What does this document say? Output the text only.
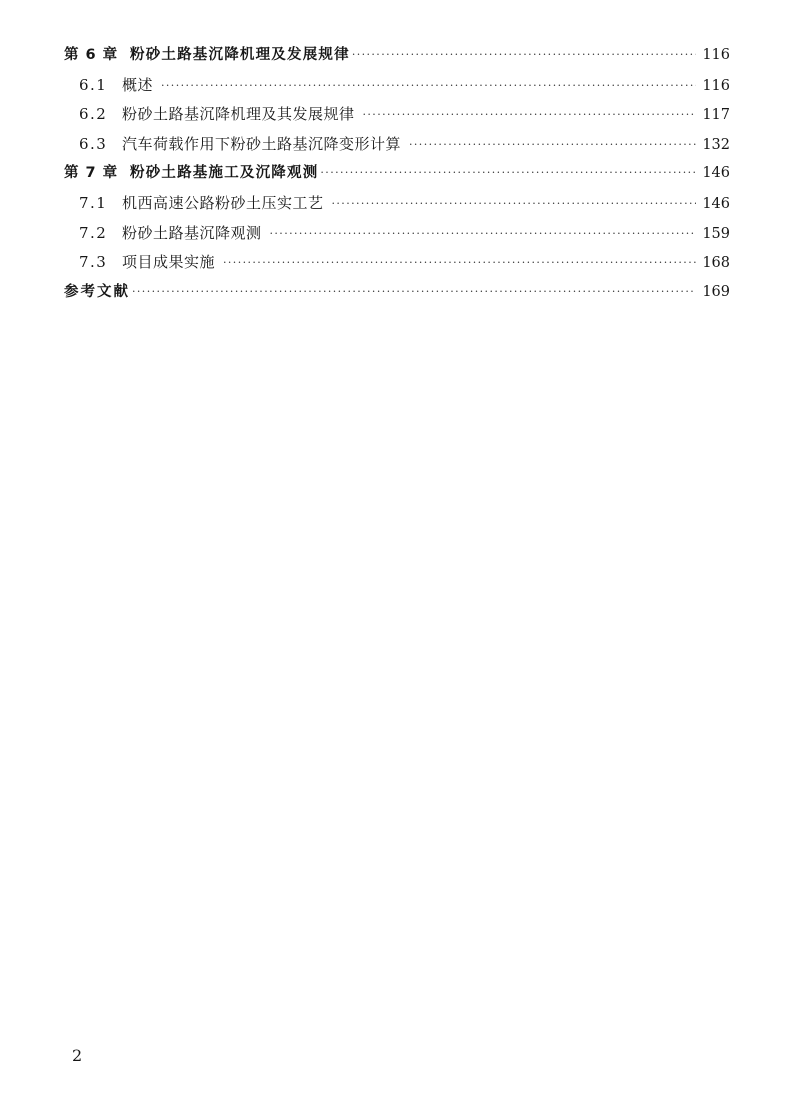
第 6 章 粉砂土路基沉降机理及发展规律 ·····	116
6.1 概述 ·····	116
6.2 粉砂土路基沉降机理及其发展规律 ·····	117
6.3 汽车荷载作用下粉砂土路基沉降变形计算 ·····	132
第 7 章 粉砂土路基施工及沉降观测 ·····	146
7.1 机西高速公路粉砂土压实工艺 ·····	146
7.2 粉砂土路基沉降观测 ·····	159
7.3 项目成果实施 ·····	168
参考文献 ·····	169
2
